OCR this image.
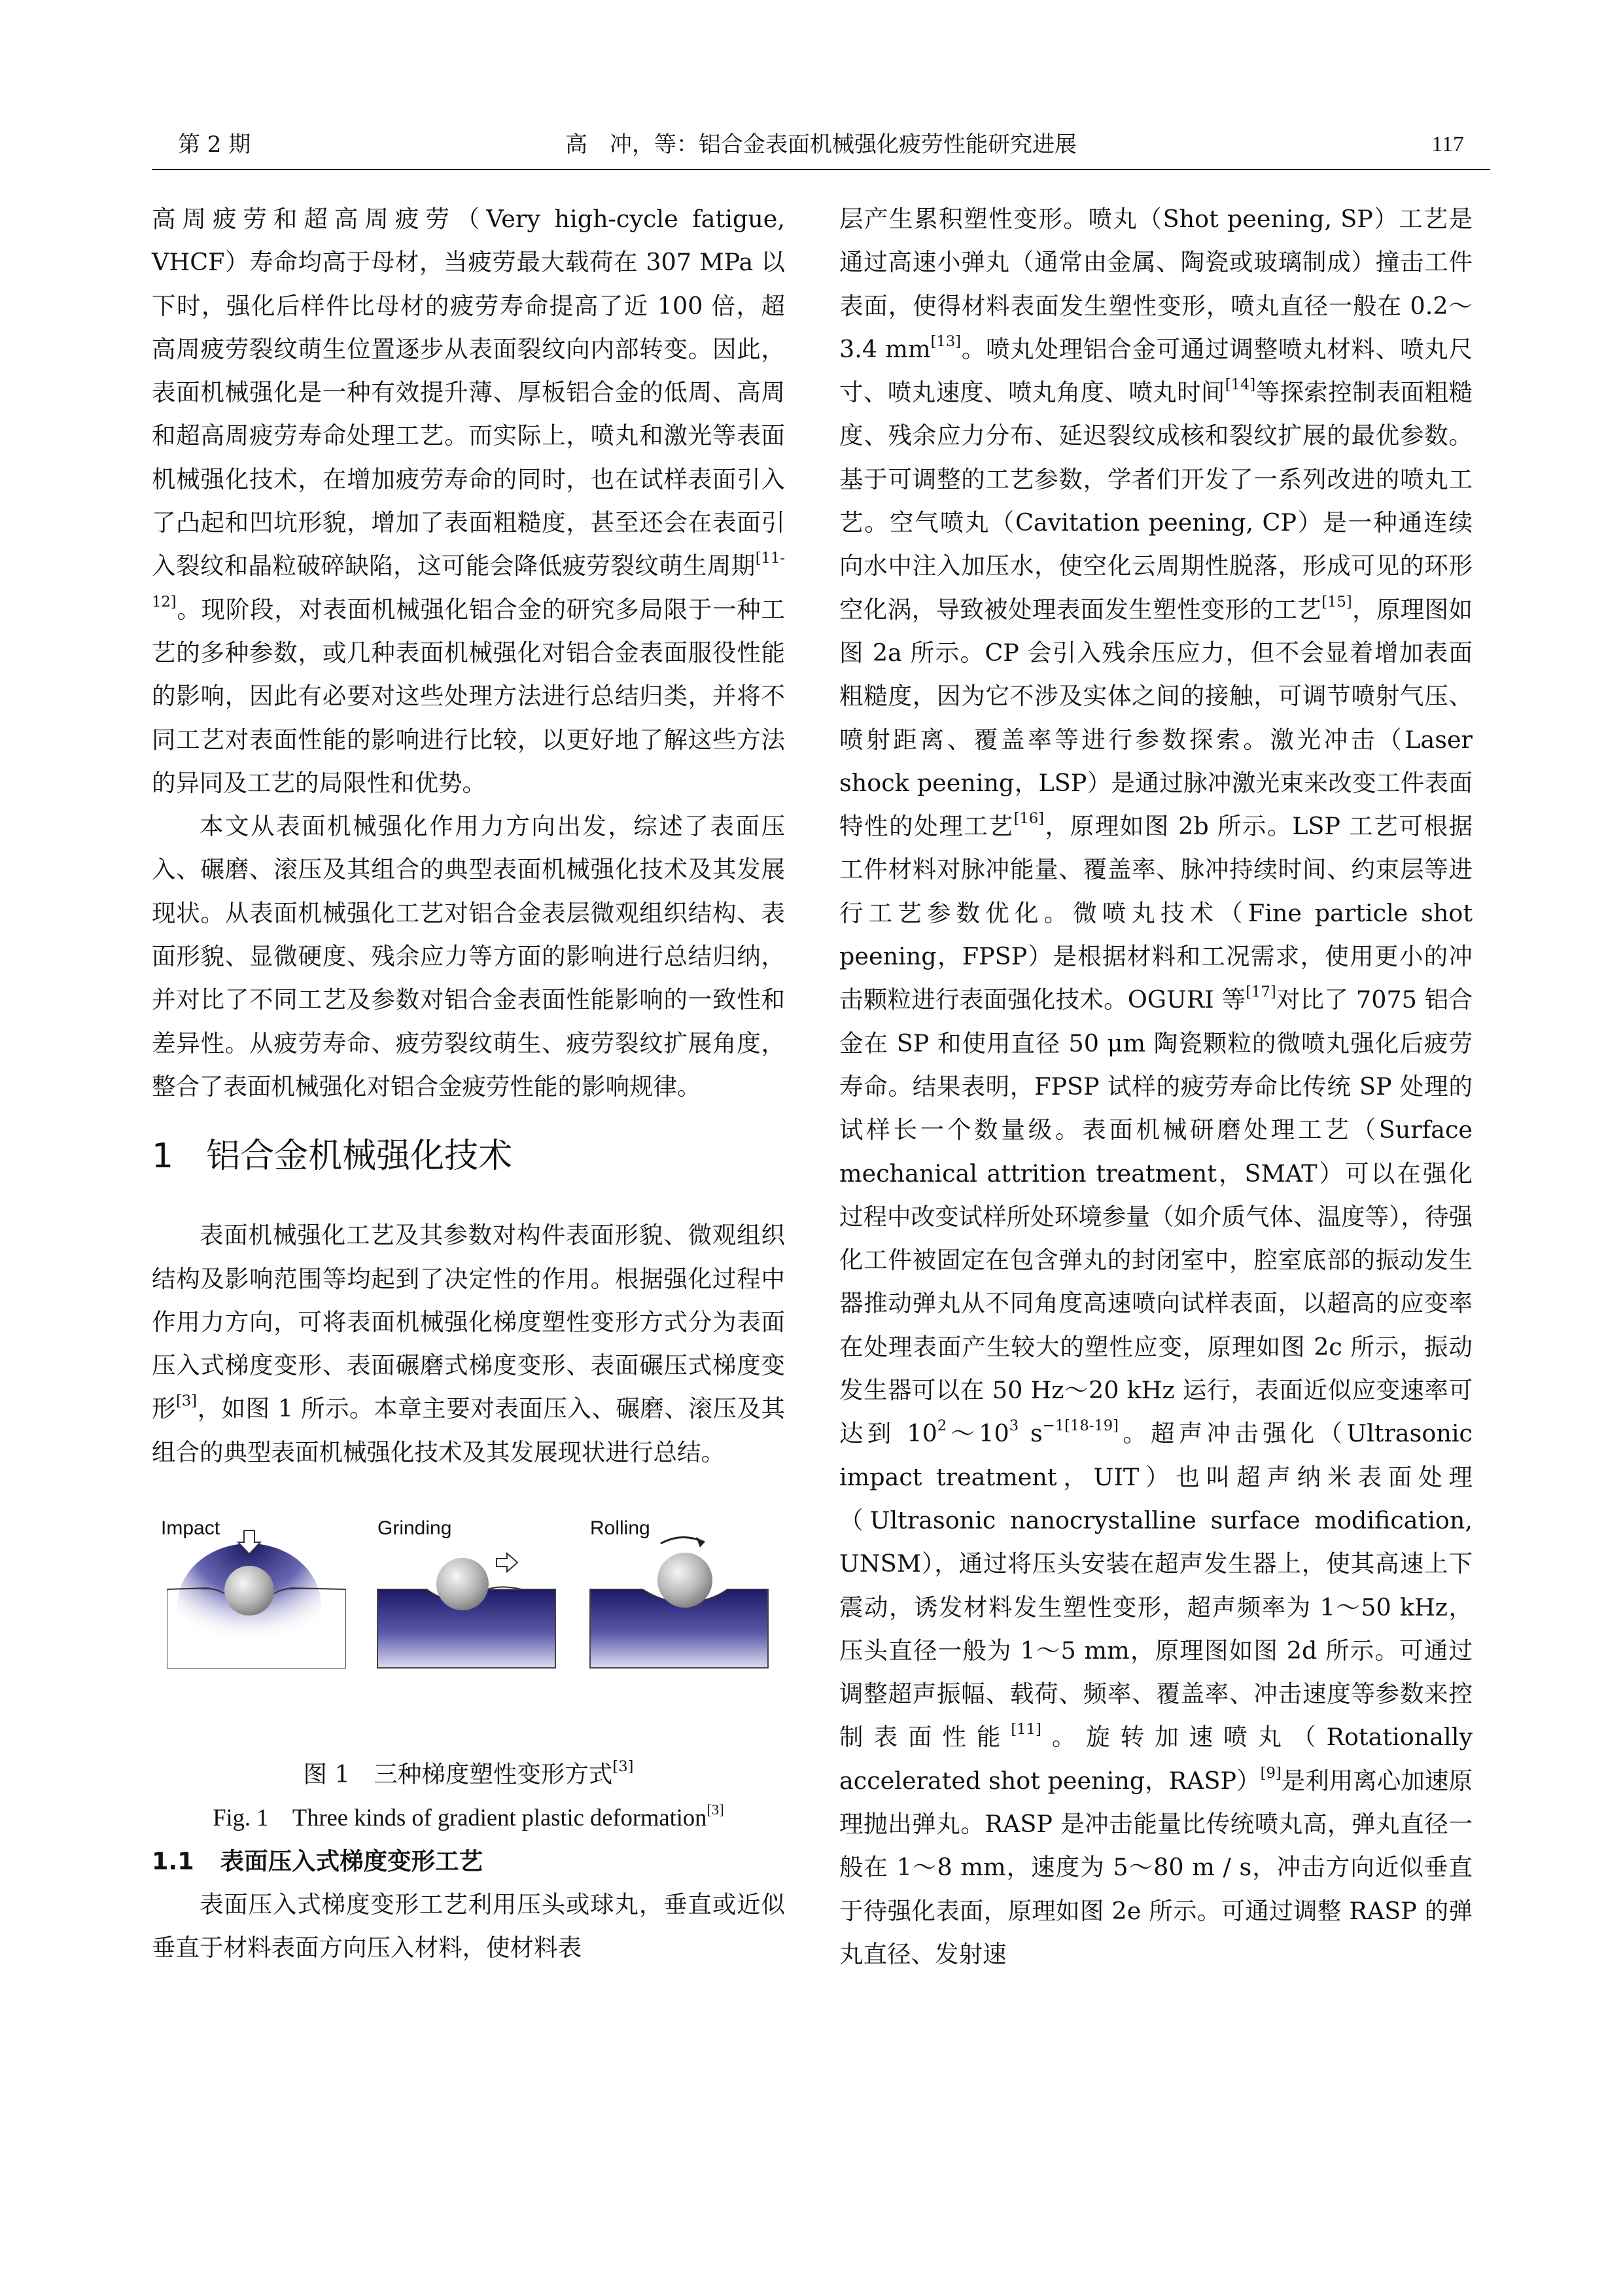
第 2 期	高　冲，等：铝合金表面机械强化疲劳性能研究进展	117

高周疲劳和超高周疲劳（Very high-cycle fatigue, VHCF）寿命均高于母材，当疲劳最大载荷在 307 MPa 以下时，强化后样件比母材的疲劳寿命提高了近 100 倍，超高周疲劳裂纹萌生位置逐步从表面裂纹向内部转变。因此，表面机械强化是一种有效提升薄、厚板铝合金的低周、高周和超高周疲劳寿命处理工艺。而实际上，喷丸和激光等表面机械强化技术，在增加疲劳寿命的同时，也在试样表面引入了凸起和凹坑形貌，增加了表面粗糙度，甚至还会在表面引入裂纹和晶粒破碎缺陷，这可能会降低疲劳裂纹萌生周期[11-12]。现阶段，对表面机械强化铝合金的研究多局限于一种工艺的多种参数，或几种表面机械强化对铝合金表面服役性能的影响，因此有必要对这些处理方法进行总结归类，并将不同工艺对表面性能的影响进行比较，以更好地了解这些方法的异同及工艺的局限性和优势。

本文从表面机械强化作用力方向出发，综述了表面压入、碾磨、滚压及其组合的典型表面机械强化技术及其发展现状。从表面机械强化工艺对铝合金表层微观组织结构、表面形貌、显微硬度、残余应力等方面的影响进行总结归纳，并对比了不同工艺及参数对铝合金表面性能影响的一致性和差异性。从疲劳寿命、疲劳裂纹萌生、疲劳裂纹扩展角度，整合了表面机械强化对铝合金疲劳性能的影响规律。

1 铝合金机械强化技术

表面机械强化工艺及其参数对构件表面形貌、微观组织结构及影响范围等均起到了决定性的作用。根据强化过程中作用力方向，可将表面机械强化梯度塑性变形方式分为表面压入式梯度变形、表面碾磨式梯度变形、表面碾压式梯度变形[3]，如图 1 所示。本章主要对表面压入、碾磨、滚压及其组合的典型表面机械强化技术及其发展现状进行总结。

Impact	Grinding	Rolling

图 1　三种梯度塑性变形方式[3]

Fig. 1　Three kinds of gradient plastic deformation[3]

1.1 表面压入式梯度变形工艺

表面压入式梯度变形工艺利用压头或球丸，垂直或近似垂直于材料表面方向压入材料，使材料表

层产生累积塑性变形。喷丸（Shot peening, SP）工艺是通过高速小弹丸（通常由金属、陶瓷或玻璃制成）撞击工件表面，使得材料表面发生塑性变形，喷丸直径一般在 0.2～3.4 mm[13]。喷丸处理铝合金可通过调整喷丸材料、喷丸尺寸、喷丸速度、喷丸角度、喷丸时间[14]等探索控制表面粗糙度、残余应力分布、延迟裂纹成核和裂纹扩展的最优参数。基于可调整的工艺参数，学者们开发了一系列改进的喷丸工艺。空气喷丸（Cavitation peening, CP）是一种通连续向水中注入加压水，使空化云周期性脱落，形成可见的环形空化涡，导致被处理表面发生塑性变形的工艺[15]，原理图如图 2a 所示。CP 会引入残余压应力，但不会显着增加表面粗糙度，因为它不涉及实体之间的接触，可调节喷射气压、喷射距离、覆盖率等进行参数探索。激光冲击（Laser shock peening，LSP）是通过脉冲激光束来改变工件表面特性的处理工艺[16]，原理如图 2b 所示。LSP 工艺可根据工件材料对脉冲能量、覆盖率、脉冲持续时间、约束层等进行工艺参数优化。微喷丸技术（Fine particle shot peening，FPSP）是根据材料和工况需求，使用更小的冲击颗粒进行表面强化技术。OGURI 等[17]对比了 7075 铝合金在 SP 和使用直径 50 μm 陶瓷颗粒的微喷丸强化后疲劳寿命。结果表明，FPSP 试样的疲劳寿命比传统 SP 处理的试样长一个数量级。表面机械研磨处理工艺（Surface mechanical attrition treatment，SMAT）可以在强化过程中改变试样所处环境参量（如介质气体、温度等），待强化工件被固定在包含弹丸的封闭室中，腔室底部的振动发生器推动弹丸从不同角度高速喷向试样表面，以超高的应变率在处理表面产生较大的塑性应变，原理如图 2c 所示，振动发生器可以在 50 Hz～20 kHz 运行，表面近似应变速率可达到 $10^2\sim 10^3$ $s^{-1[18-19]}$。超声冲击强化（Ultrasonic impact treatment，UIT）也叫超声纳米表面处理（Ultrasonic nanocrystalline surface modification, UNSM），通过将压头安装在超声发生器上，使其高速上下震动，诱发材料发生塑性变形，超声频率为 1～50 kHz，压头直径一般为 1～5 mm，原理图如图 2d 所示。可通过调整超声振幅、载荷、频率、覆盖率、冲击速度等参数来控制表面性能[11]。旋转加速喷丸（Rotationally accelerated shot peening，RASP）[9]是利用离心加速原理抛出弹丸。RASP 是冲击能量比传统喷丸高，弹丸直径一般在 1～8 mm，速度为 5～80 m / s，冲击方向近似垂直于待强化表面，原理如图 2e 所示。可通过调整 RASP 的弹丸直径、发射速
